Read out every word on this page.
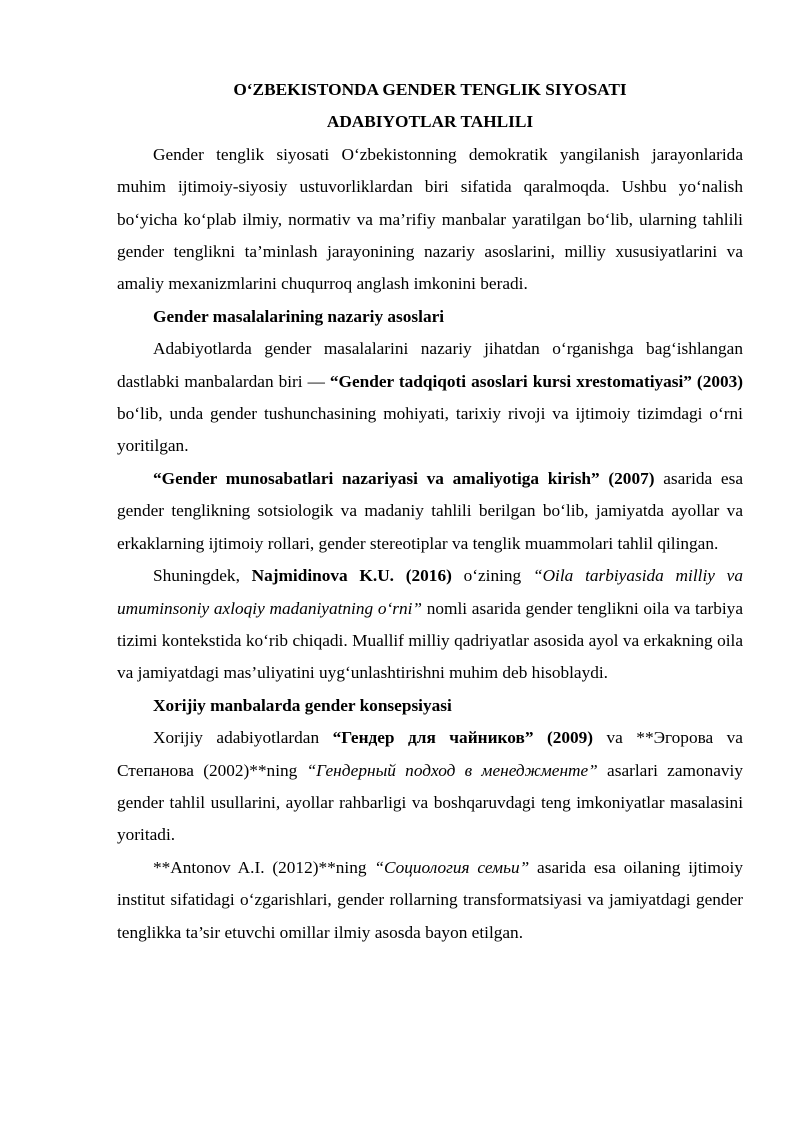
O‘ZBEKISTONDA GENDER TENGLIK SIYOSATI
ADABIYOTLAR TAHLILI

Gender tenglik siyosati O‘zbekistonning demokratik yangilanish jarayonlarida muhim ijtimoiy-siyosiy ustuvorliklardan biri sifatida qaralmoqda. Ushbu yo‘nalish bo‘yicha ko‘plab ilmiy, normativ va ma’rifiy manbalar yaratilgan bo‘lib, ularning tahlili gender tenglikni ta’minlash jarayonining nazariy asoslarini, milliy xususiyatlarini va amaliy mexanizmlarini chuqurroq anglash imkonini beradi.

Gender masalalarining nazariy asoslari

Adabiyotlarda gender masalalarini nazariy jihatdan o‘rganishga bag‘ishlangan dastlabki manbalardan biri — “Gender tadqiqoti asoslari kursi xrestomatiyasi” (2003) bo‘lib, unda gender tushunchasining mohiyati, tarixiy rivoji va ijtimoiy tizimdagi o‘rni yoritilgan.

“Gender munosabatlari nazariyasi va amaliyotiga kirish” (2007) asarida esa gender tenglikning sotsiologik va madaniy tahlili berilgan bo‘lib, jamiyatda ayollar va erkaklarning ijtimoiy rollari, gender stereotiplar va tenglik muammolari tahlil qilingan.

Shuningdek, Najmidinova K.U. (2016) o‘zining “Oila tarbiyasida milliy va umuminsoniy axloqiy madaniyatning o‘rni” nomli asarida gender tenglikni oila va tarbiya tizimi kontekstida ko‘rib chiqadi. Muallif milliy qadriyatlar asosida ayol va erkakning oila va jamiyatdagi mas’uliyatini uyg‘unlashtirishni muhim deb hisoblaydi.

Xorijiy manbalarda gender konsepsiyasi

Xorijiy adabiyotlardan “Гендер для чайников” (2009) va **Эгорова va Степанова (2002)**ning “Гендерный подход в менеджменте” asarlari zamonaviy gender tahlil usullarini, ayollar rahbarligi va boshqaruvdagi teng imkoniyatlar masalasini yoritadi.

**Antonov A.I. (2012)**ning “Социология семьи” asarida esa oilaning ijtimoiy institut sifatidagi o‘zgarishlari, gender rollarning transformatsiyasi va jamiyatdagi gender tenglikka ta’sir etuvchi omillar ilmiy asosda bayon etilgan.
